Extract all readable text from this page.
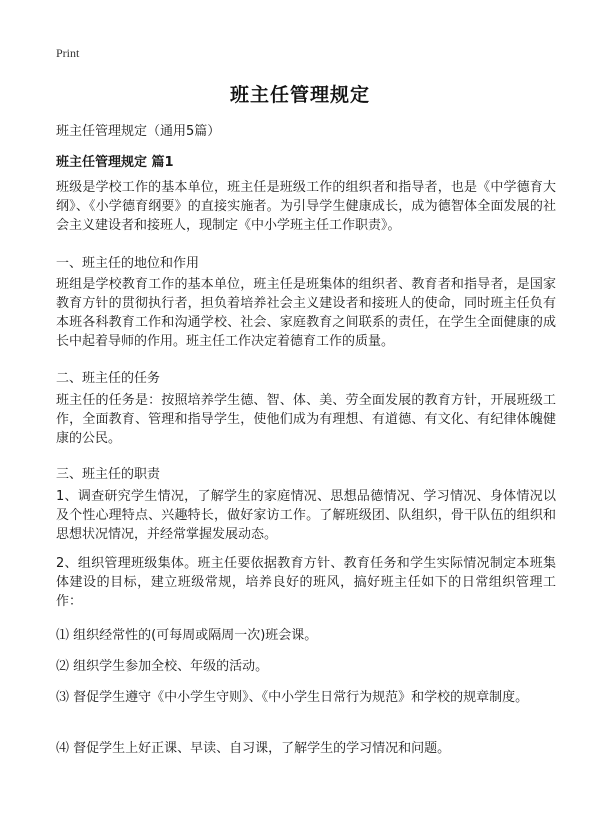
Print
班主任管理规定
班主任管理规定（通用5篇）
班主任管理规定 篇1

班级是学校工作的基本单位，班主任是班级工作的组织者和指导者，也是《中学德育大纲》、《小学德育纲要》的直接实施者。为引导学生健康成长，成为德智体全面发展的社会主义建设者和接班人，现制定《中小学班主任工作职责》。

一、班主任的地位和作用

班组是学校教育工作的基本单位，班主任是班集体的组织者、教育者和指导者，是国家教育方针的贯彻执行者，担负着培养社会主义建设者和接班人的使命，同时班主任负有本班各科教育工作和沟通学校、社会、家庭教育之间联系的责任，在学生全面健康的成长中起着导师的作用。班主任工作决定着德育工作的质量。

二、班主任的任务

班主任的任务是：按照培养学生德、智、体、美、劳全面发展的教育方针，开展班级工作，全面教育、管理和指导学生，使他们成为有理想、有道德、有文化、有纪律体魄健康的公民。

三、班主任的职责

1、调查研究学生情况，了解学生的家庭情况、思想品德情况、学习情况、身体情况以及个性心理特点、兴趣特长，做好家访工作。了解班级团、队组织，骨干队伍的组织和思想状况情况，并经常掌握发展动态。

2、组织管理班级集体。班主任要依据教育方针、教育任务和学生实际情况制定本班集体建设的目标，建立班级常规，培养良好的班风，搞好班主任如下的日常组织管理工作：

⑴ 组织经常性的(可每周或隔周一次)班会课。
⑵ 组织学生参加全校、年级的活动。
⑶ 督促学生遵守《中小学生守则》、《中小学生日常行为规范》和学校的规章制度。
⑷ 督促学生上好正课、早读、自习课，了解学生的学习情况和问题。
